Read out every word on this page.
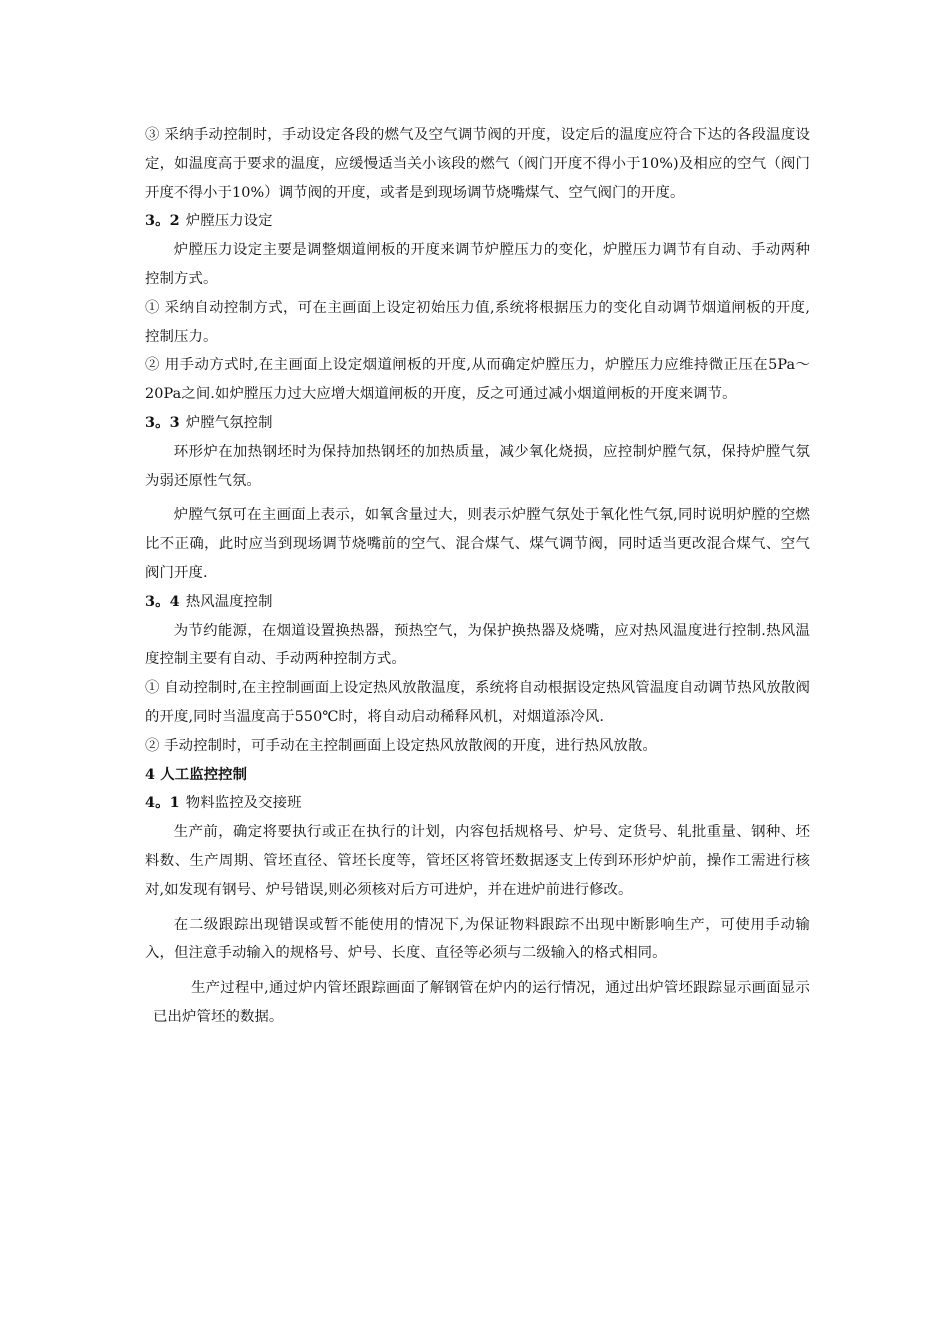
③ 采纳手动控制时，手动设定各段的燃气及空气调节阀的开度，设定后的温度应符合下达的各段温度设定，如温度高于要求的温度，应缓慢适当关小该段的燃气（阀门开度不得小于10%)及相应的空气（阀门开度不得小于10%）调节阀的开度，或者是到现场调节烧嘴煤气、空气阀门的开度。

3。2 炉膛压力设定

炉膛压力设定主要是调整烟道闸板的开度来调节炉膛压力的变化，炉膛压力调节有自动、手动两种控制方式。

① 采纳自动控制方式，可在主画面上设定初始压力值,系统将根据压力的变化自动调节烟道闸板的开度,控制压力。

② 用手动方式时,在主画面上设定烟道闸板的开度,从而确定炉膛压力，炉膛压力应维持微正压在5Pa～20Pa之间.如炉膛压力过大应增大烟道闸板的开度，反之可通过减小烟道闸板的开度来调节。

3。3 炉膛气氛控制

环形炉在加热钢坯时为保持加热钢坯的加热质量，减少氧化烧损，应控制炉膛气氛，保持炉膛气氛为弱还原性气氛。

炉膛气氛可在主画面上表示，如氧含量过大，则表示炉膛气氛处于氧化性气氛,同时说明炉膛的空燃比不正确，此时应当到现场调节烧嘴前的空气、混合煤气、煤气调节阀，同时适当更改混合煤气、空气阀门开度.

3。4 热风温度控制

为节约能源，在烟道设置换热器，预热空气，为保护换热器及烧嘴，应对热风温度进行控制.热风温度控制主要有自动、手动两种控制方式。

① 自动控制时,在主控制画面上设定热风放散温度，系统将自动根据设定热风管温度自动调节热风放散阀的开度,同时当温度高于550℃时，将自动启动稀释风机，对烟道添冷风.

② 手动控制时，可手动在主控制画面上设定热风放散阀的开度，进行热风放散。

4 人工监控控制

4。1 物料监控及交接班

生产前，确定将要执行或正在执行的计划，内容包括规格号、炉号、定货号、轧批重量、钢种、坯料数、生产周期、管坯直径、管坯长度等，管坯区将管坯数据逐支上传到环形炉炉前，操作工需进行核对,如发现有钢号、炉号错误,则必须核对后方可进炉，并在进炉前进行修改。

在二级跟踪出现错误或暂不能使用的情况下,为保证物料跟踪不出现中断影响生产，可使用手动输入，但注意手动输入的规格号、炉号、长度、直径等必须与二级输入的格式相同。

生产过程中,通过炉内管坯跟踪画面了解钢管在炉内的运行情况，通过出炉管坯跟踪显示画面显示已出炉管坯的数据。
